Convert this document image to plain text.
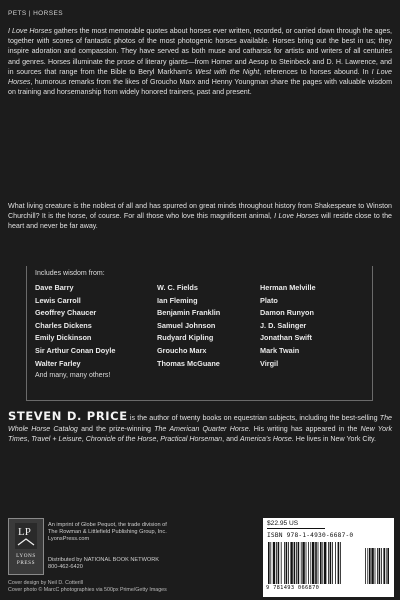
PETS | HORSES
I Love Horses gathers the most memorable quotes about horses ever written, recorded, or carried down through the ages, together with scores of fantastic photos of the most photogenic horses available. Horses bring out the best in us; they inspire adoration and compassion. They have served as both muse and catharsis for artists and writers of all centuries and genres. Horses illuminate the prose of literary giants—from Homer and Aesop to Steinbeck and D. H. Lawrence, and in sources that range from the Bible to Beryl Markham’s West with the Night, references to horses abound. In I Love Horses, humorous remarks from the likes of Groucho Marx and Henny Youngman share the pages with valuable wisdom on training and horsemanship from widely honored trainers, past and present.
What living creature is the noblest of all and has spurred on great minds throughout history from Shakespeare to Winston Churchill? It is the horse, of course. For all those who love this magnificent animal, I Love Horses will reside close to the heart and never be far away.
Includes wisdom from:
Dave Barry
Lewis Carroll
Geoffrey Chaucer
Charles Dickens
Emily Dickinson
Sir Arthur Conan Doyle
Walter Farley
W. C. Fields
Ian Fleming
Benjamin Franklin
Samuel Johnson
Rudyard Kipling
Groucho Marx
Thomas McGuane
Herman Melville
Plato
Damon Runyon
J. D. Salinger
Jonathan Swift
Mark Twain
Virgil
And many, many others!
STEVEN D. PRICE is the author of twenty books on equestrian subjects, including the best-selling The Whole Horse Catalog and the prize-winning The American Quarter Horse. His writing has appeared in the New York Times, Travel + Leisure, Chronicle of the Horse, Practical Horseman, and America’s Horse. He lives in New York City.
LP
LYONS
PRESS
An imprint of Globe Pequot, the trade division of
The Rowman & Littlefield Publishing Group, Inc.
LyonsPress.com
Distributed by NATIONAL BOOK NETWORK
800-462-6420
Cover design by Neil D. Cotterill
Cover photo © MarcC photographies via 500px Prime/Getty Images
$22.95 US
ISBN 978-1-4930-6687-0
9 781493 066870
